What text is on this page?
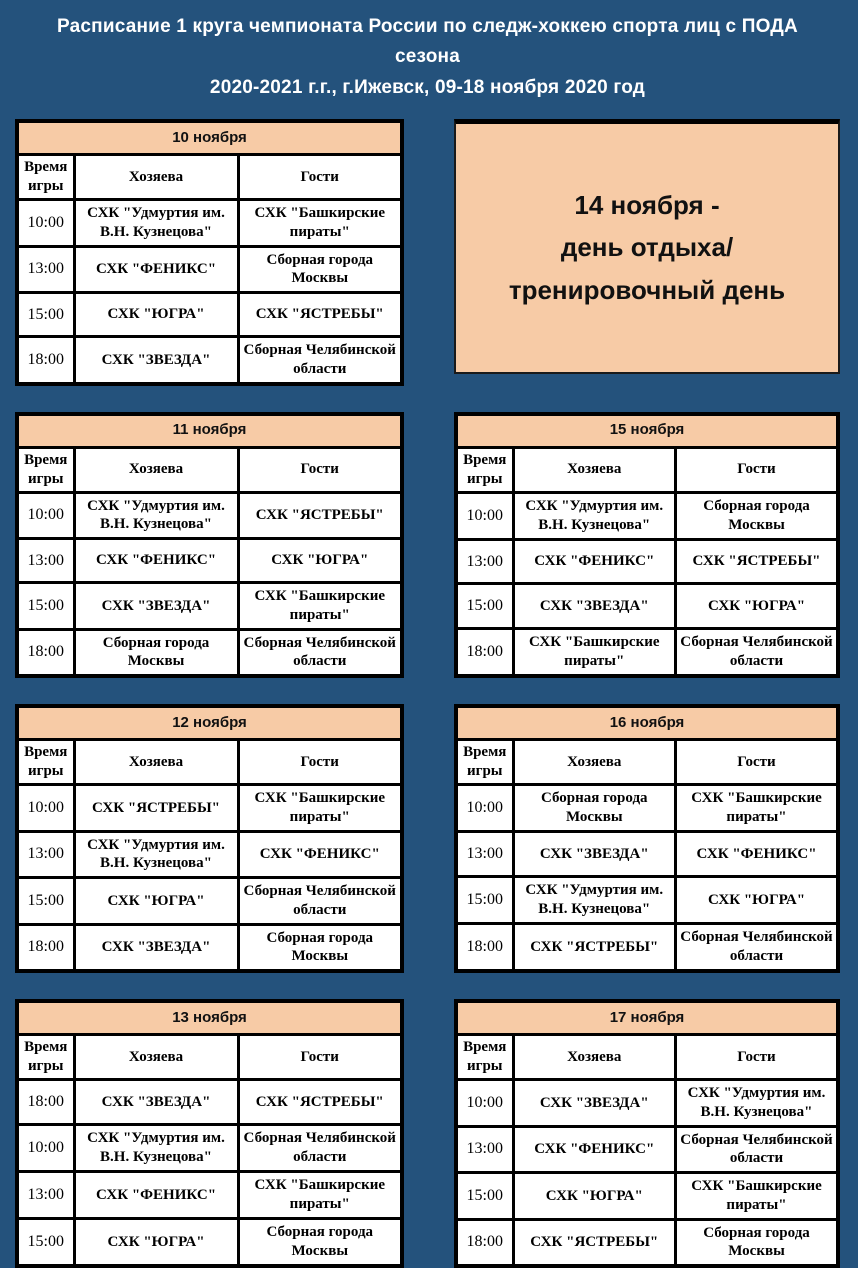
Расписание 1 круга чемпионата России по следж-хоккею спорта лиц с ПОДА сезона
2020-2021 г.г., г.Ижевск, 09-18 ноября 2020 год
10 ноября		
Время игры	Хозяева	Гости
10:00	СХК "Удмуртия им. В.Н. Кузнецова"	СХК "Башкирские пираты"
13:00	СХК "ФЕНИКС"	Сборная города Москвы
15:00	СХК "ЮГРА"	СХК "ЯСТРЕБЫ"
18:00	СХК "ЗВЕЗДА"	Сборная Челябинской области
14 ноября -
день отдыха/
тренировочный день
11 ноября		
Время игры	Хозяева	Гости
10:00	СХК "Удмуртия им. В.Н. Кузнецова"	СХК "ЯСТРЕБЫ"
13:00	СХК "ФЕНИКС"	СХК "ЮГРА"
15:00	СХК "ЗВЕЗДА"	СХК "Башкирские пираты"
18:00	Сборная города Москвы	Сборная Челябинской области
15 ноября		
Время игры	Хозяева	Гости
10:00	СХК "Удмуртия им. В.Н. Кузнецова"	Сборная города Москвы
13:00	СХК "ФЕНИКС"	СХК "ЯСТРЕБЫ"
15:00	СХК "ЗВЕЗДА"	СХК "ЮГРА"
18:00	СХК "Башкирские пираты"	Сборная Челябинской области
12 ноября		
Время игры	Хозяева	Гости
10:00	СХК "ЯСТРЕБЫ"	СХК "Башкирские пираты"
13:00	СХК "Удмуртия им. В.Н. Кузнецова"	СХК "ФЕНИКС"
15:00	СХК "ЮГРА"	Сборная Челябинской области
18:00	СХК "ЗВЕЗДА"	Сборная города Москвы
16 ноября		
Время игры	Хозяева	Гости
10:00	Сборная города Москвы	СХК "Башкирские пираты"
13:00	СХК "ЗВЕЗДА"	СХК "ФЕНИКС"
15:00	СХК "Удмуртия им. В.Н. Кузнецова"	СХК "ЮГРА"
18:00	СХК "ЯСТРЕБЫ"	Сборная Челябинской области
13 ноября		
Время игры	Хозяева	Гости
18:00	СХК "ЗВЕЗДА"	СХК "ЯСТРЕБЫ"
10:00	СХК "Удмуртия им. В.Н. Кузнецова"	Сборная Челябинской области
13:00	СХК "ФЕНИКС"	СХК "Башкирские пираты"
15:00	СХК "ЮГРА"	Сборная города Москвы
17 ноября		
Время игры	Хозяева	Гости
10:00	СХК "ЗВЕЗДА"	СХК "Удмуртия им. В.Н. Кузнецова"
13:00	СХК "ФЕНИКС"	Сборная Челябинской области
15:00	СХК "ЮГРА"	СХК "Башкирские пираты"
18:00	СХК "ЯСТРЕБЫ"	Сборная города Москвы
